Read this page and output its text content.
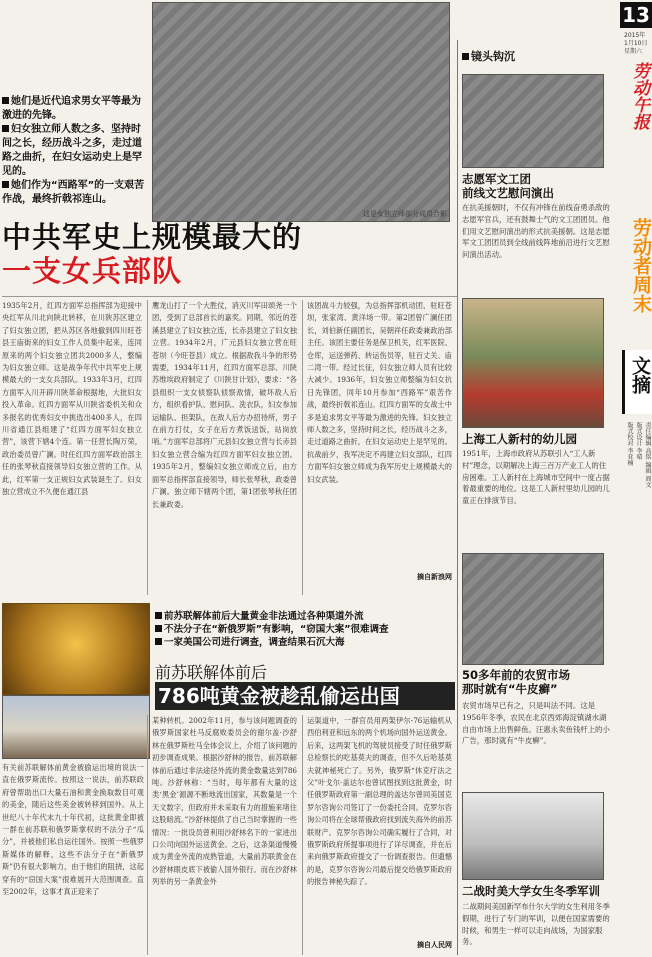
13
2015年
1月10日
星期六
劳动午报
劳动者周末
文摘
责任编辑 高铭 编辑 阎文
版式设计 李晴
版式校对 李亚楠
这是女独立师部分成员合影
她们是近代追求男女平等最为激进的先锋。
妇女独立师人数之多、坚持时间之长，经历战斗之多，走过道路之曲折，在妇女运动史上是罕见的。
她们作为“西路军”的一支艰苦作战，最终折戟祁连山。
中共军史上规模最大的
一支女兵部队
1935年2月，红四方面军总指挥部为迎接中央红军从川北向陕北转移，在川陕苏区建立了妇女独立团，把从苏区各地撤到四川旺苍县王庙街来的妇女工作人员集中起来，连同原来的两个妇女独立团共2000多人，整编为妇女独立师。这是战争年代中共军史上规模最大的一支女兵部队。1933年3月，红四方面军入川开辟川陕革命根据地，大批妇女投入革命。红四方面军从川陕省委机关和众多报名的优秀妇女中挑选出400多人，在四川省通江县组建了“红四方面军妇女独立营”，该营下辖4个连。第一任营长陶万荣，政治委员曾广澜。时任红四方面军政治部主任的张琴秋直接领导妇女独立营的工作。从此，红军第一支正规妇女武装诞生了。妇女独立营成立不久便在通江县
鹰龙山打了一个大胜仗，消灭川军田颂尧一个团，受到了总部首长的嘉奖。同期，邻近的苍溪县建立了妇女独立连，长赤县建立了妇女独立营。1934年2月，广元县妇女独立营在旺苍坝（今旺苍县）成立。根据敌我斗争的形势需要，1934年11月，红四方面军总部、川陕苏维埃政府制定了《川陕甘计划》，要求：“各县组织一支女侦察队侦察敌情，破坏敌人后方，组织看护队、慰问队、洗衣队，妇女参加运输队、担架队，在敌人后方办招待所，男子在前方打仗，女子在后方煮饭送饭，站岗放哨。”方面军总部将广元县妇女独立营与长赤县妇女独立营合编为红四方面军妇女独立团。1935年2月，整编妇女独立师成立后，由方面军总指挥部直接领导，师长张琴秋，政委曾广澜。独立师下辖两个团，第1团张琴秋任团长兼政委。
该团战斗力较强，为总指挥部机动团，驻旺苍坝，张家湾、黄洋场一带。第2团曾广澜任团长，刘伯新任副团长，吴朝祥任政委兼政治部主任。该团主要任务是保卫机关，红军医院、仓库，运送弹药、转运伤员等，驻百丈关、庙二湾一带。经过长征，妇女独立师人员有比较大减少。1936年，妇女独立师整编为妇女抗日先锋团，同年10月参加“西路军”艰苦作战，最终折戟祁连山。红四方面军的女战士中多是追求男女平等最为激进的先锋。妇女独立师人数之多，坚持时间之长，经历战斗之多，走过道路之曲折，在妇女运动史上是罕见的。抗战前夕，我军决定不再建立妇女部队，红四方面军妇女独立师成为我军历史上规模最大的妇女武装。
摘自新浪网
前苏联解体前后大量黄金非法通过各种渠道外流
不法分子在“新俄罗斯”有影响，“窃国大案”很难调查
一家美国公司进行调查，调查结果石沉大海
前苏联解体前后
786吨黄金被趁乱偷运出国
有关前苏联解体前黄金被偷运出境的说法一直在俄罗斯流传。按照这一说法，前苏联政府曾帮助出口大量石油和黄金换取数目可观的美金，随后这些美金被转移到国外。从上世纪八十年代末九十年代初，这批黄金即被一群在前苏联和俄罗斯掌权的不法分子“瓜分”，并被他们私自运往国外。按照一些俄罗斯媒体的解释，这些不法分子在“新俄罗斯”仍有很大影响力，由于他们的阻挠，这起穿有的“窃国大案”很难展开大范围调查。直至2002年，这事才真正迎来了
某种转机。2002年11月，参与该问题调查的俄罗斯国家杜马反腐败委员会的谢尔盖·沙舒林在俄罗斯杜马全体会议上，介绍了该问题的初步调查成果。根据沙舒林的报告，前苏联解体前后通过非法途径外流的黄金数量达到786吨。沙舒林称：“当时，每年都有大量的这类‘黑金’源源不断地流出国家，其数量是一个天文数字，但政府并未采取有力的措施来堵住这股暗流。”沙舒林提供了自己当时掌握的一些情况：一批设员曾利用沙舒林名下的一家进出口公司向国外运送黄金。之后，这条渠道慢慢成为黄金外流的成熟管道，大量前苏联黄金在沙舒林眼皮底下被偷人国外银行。而在沙舒林列举的另一条黄金外
运渠道中，一群官员用两架伊尔-76运输机从西伯利亚和远东的两个机场向国外运送黄金。后来，这两架飞机的驾驶员接受了时任俄罗斯总检察长的吃基莫夫的调查，但不久后哈基莫夫就神秘死亡了。另外，俄罗斯“休克疗法之父”叶戈尔·盖达尔也曾试图找到这批黄金，时任俄罗斯政府第一副总理的盖达尔曾同美国克罗尔咨询公司签订了一份委托合同。克罗尔咨询公司将在全球帮俄政府找到流失海外的前苏联财产。克罗尔咨询公司确实履行了合同，对俄罗斯政府所提事项进行了详尽调查，并在后来向俄罗斯政府提交了一份调查报告。但遗憾的是，克罗尔咨询公司最后提交给俄罗斯政府的报告神秘失踪了。
摘自人民网
镜头钩沉
志愿军文工团
前线文艺慰问演出
在抗美援朝时，不仅有冲锋在前线奋勇杀敌的志愿军官兵，还有鼓舞士气的文工团团员。他们用文艺慰问演出的形式抗美援朝。这是志愿军文工团团员到全线前线阵地前沿进行文艺慰问演出活动。
上海工人新村的幼儿园
1951年，上海市政府从苏联引入“工人新村”理念，以期解决上海三百万产业工人的住房困难。工人新村在上海城市空间中一度占据着最重要的地位。这是工人新村里幼儿园的儿童正在排演节目。
50多年前的农贸市场
那时就有“牛皮癣”
农贸市场早已有之，只是叫法不同。这是1956年冬季，农民在北京西郊海淀镇湖水湖自由市场上出售鲜鱼。汪惠永卖鱼钱杆上的小广告，那时就有“牛皮癣”。
二战时美大学女生冬季军训
二战期间美国新罕布什尔大学的女生利用冬季假期，进行了专门的军训，以便在国家需要的时候，和男生一样可以走向战场，为国家服务。
